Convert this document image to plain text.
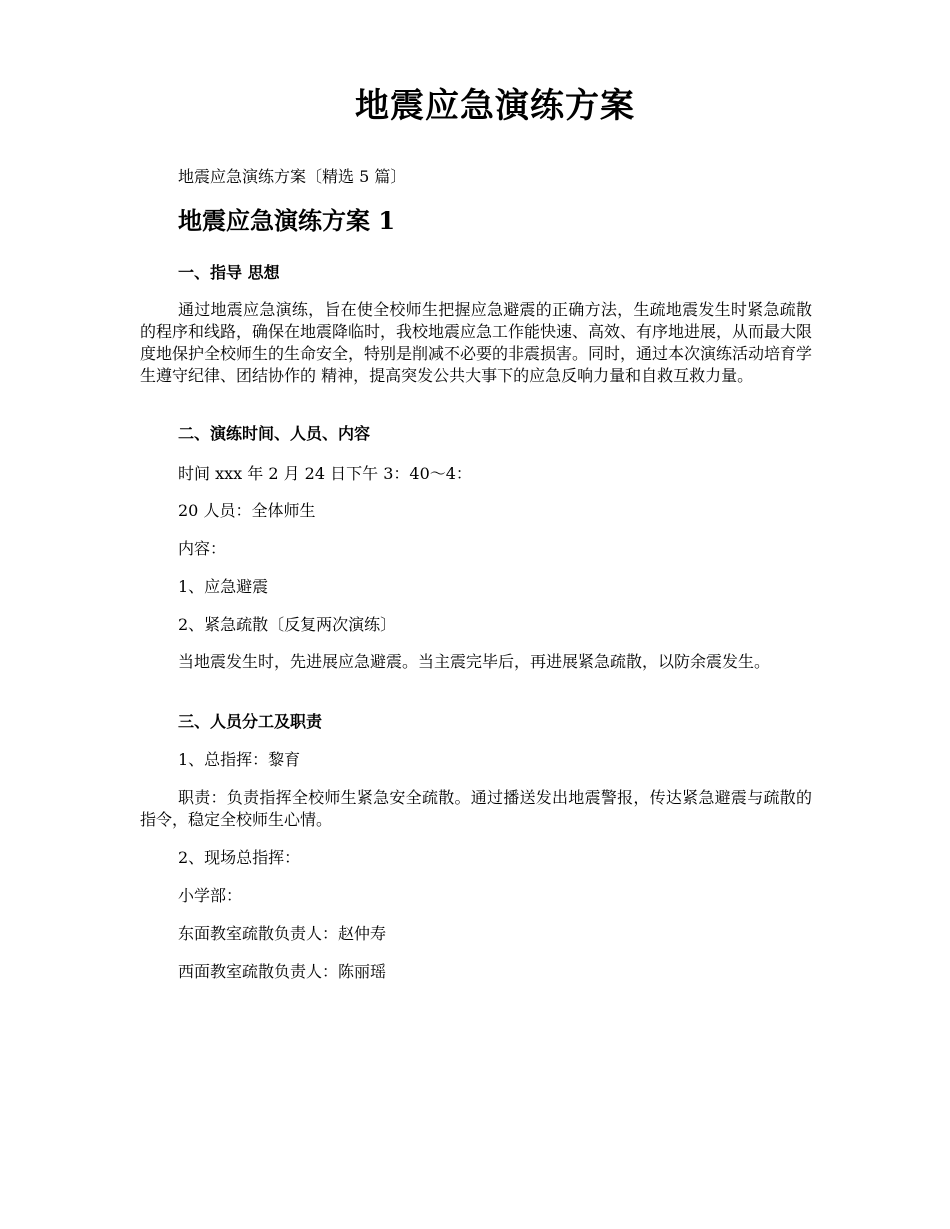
地震应急演练方案
地震应急演练方案〔精选 5 篇〕
地震应急演练方案 1
一、指导 思想
通过地震应急演练，旨在使全校师生把握应急避震的正确方法，生疏地震发生时紧急疏散的程序和线路，确保在地震降临时，我校地震应急工作能快速、高效、有序地进展，从而最大限度地保护全校师生的生命安全，特别是削减不必要的非震损害。同时，通过本次演练活动培育学生遵守纪律、团结协作的 精神，提高突发公共大事下的应急反响力量和自救互救力量。
二、演练时间、人员、内容
时间 xxx 年 2 月 24 日下午 3：40～4：
20 人员：全体师生
内容：
1、应急避震
2、紧急疏散〔反复两次演练〕
当地震发生时，先进展应急避震。当主震完毕后，再进展紧急疏散，以防余震发生。
三、人员分工及职责
1、总指挥：黎育
职责：负责指挥全校师生紧急安全疏散。通过播送发出地震警报，传达紧急避震与疏散的指令，稳定全校师生心情。
2、现场总指挥：
小学部：
东面教室疏散负责人：赵仲寿
西面教室疏散负责人：陈丽瑶
